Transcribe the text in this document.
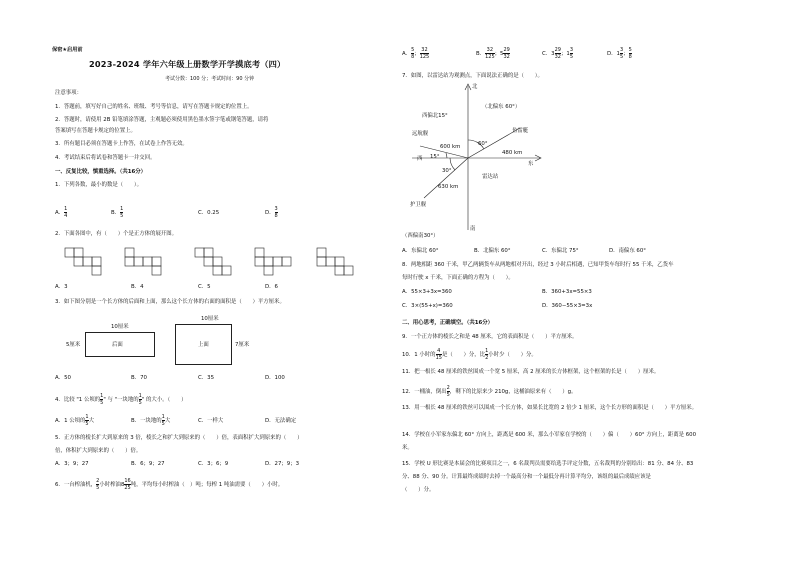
保密★启用前
2023-2024 学年六年级上册数学开学摸底考（四）
考试分数：100 分；考试时间：90 分钟
注意事项：
1．答题前，填写好自己的姓名、班级、考号等信息，请写在答题卡规定的位置上。
2．答题时，请使用 2B 铅笔填涂答题，主观题必须使用黑色墨水签字笔或钢笔答题，请将
答案填写在答题卡规定的位置上。
3．所有题目必须在答题卡上作答，在试卷上作答无效。
4．考试结束后将试卷和答题卡一并交回。
一、反复比较，慎重选择。（共16分）
1．下列各数，最小的数是（　　）。
A． $\frac{1}{4}$	B． $\frac{1}{5}$	C．0.25	D． $\frac{3}{8}$
2．下面各图中，有（　　）个是正方体的展开图。
A．3	B．4	C．5	D．6
3．如下图分别是一个长方体的后面和上面，那么这个长方体的右面的面积是（　　）平方厘米。
10厘米
5厘米	后面
10厘米
上面	7厘米
A．50	B．70	C．35	D．100
4．比较 "1 公顷的 $\frac{1}{5}$ " 与 "一块地的 $\frac{1}{5}$ " 的大小。（　　）
A．1 公顷的 $\frac{1}{5}$ 大	B．一块地的 $\frac{1}{5}$ 大	C．一样大	D．无法确定
5．正方体的棱长扩大到原来的 3 倍，棱长之和扩大到原来的（　　）倍，表面积扩大到原来的（　　）
倍，体积扩大到原来的（　　）倍。
A．3；9；27	B．6；9；27	C．3；6；9	D．27；9；3
6．一台榨油机， $\frac{2}{5}$ 小时榨油$8 \frac{16}{25}$ 吨，平均每小时榨油（　）吨；每榨 1 吨油需要（　　）小时。
A． $\frac{5}{8}$ ； $\frac{32}{125}$	B． $\frac{32}{125}$ ；$5 \frac{29}{32}$	C．$3 \frac{29}{32}$ ；$1 \frac{3}{5}$	D．$1 \frac{3}{5}$ ； $\frac{5}{8}$
7．如图，以雷达站为观测点，下面说法正确的是（　　）。
北
（北偏东 60°）
西偏北15°
远航舰	鱼雷艇
600 km	60°
480 km
西 15°
东
30°
雷达站
630 km
护卫舰
南
（西偏南30°）
A．东偏北 60°	B．北偏东 60°	C．东偏北 75°	D．南偏东 60°
8．两地相距 360 千米，甲乙两辆货车从两地相对开出，经过 3 小时后相遇，已知甲货车每时行 55 千米，乙货车
每时行驶 x 千米，下面正确的方程为（　　）。
A．55×3+3x=360	B．360+3x=55×3
C．3×(55+x)=360	D．360−55×3=3x
二、用心思考，正确填空。（共16分）
9．一个正方体的棱长之和是 48 厘米，它的表面积是（　　）平方厘米。
10．1 小时的 $\frac{4}{15}$ 是（　　）分，比 $\frac{1}{2}$ 小时少（　　）分。
11．把一根长 48 厘米的铁丝围成一个宽 5 厘米，高 2 厘米的长方体框架，这个框架的长是（　　）厘米。
12．一桶油，倒出 $\frac{2}{5}$ ，剩下的比原来少 210g，这桶油原来有（　　）g。
13．用一根长 48 厘米的铁丝可以围成一个长方体，如果长比宽的 2 倍少 1 厘米，这个长方形的面积是（　　）平方厘米。
14．学校在小军家东偏北 60° 方向上，距离是 600 米，那么小军家在学校的（　　）偏（　　）60° 方向上，距离是 600
米。
15．学校 U 形比赛是本届会的比赛项目之一，6 名裁判员需要给选手评定分数，五名裁判的分别给出：81 分、84 分、83
分、88 分、90 分。计算最终成绩时去掉一个最高分和一个最低分再计算平均分，该组的最后成绩应该是
（　　）分。
